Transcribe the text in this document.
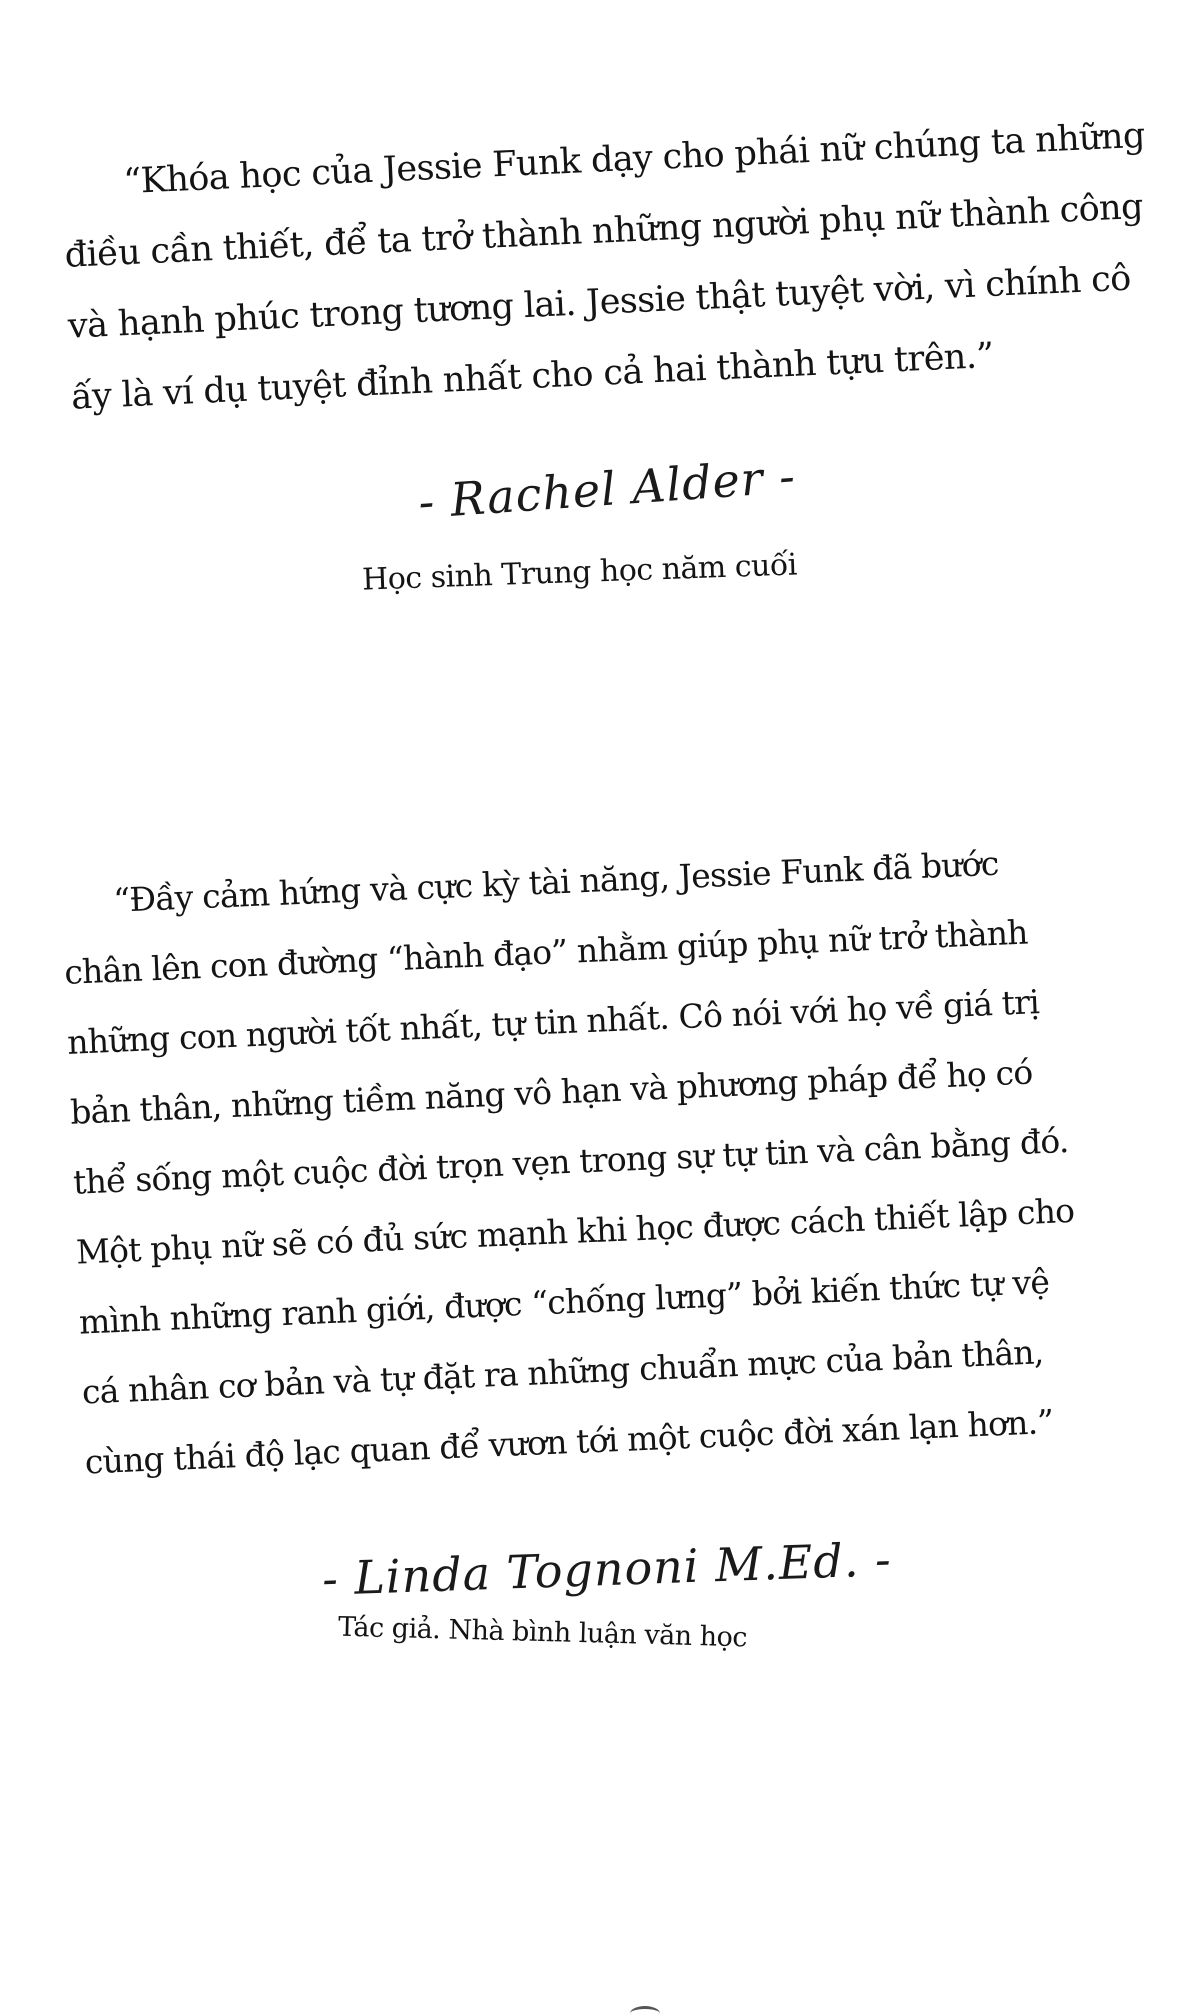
“Khóa học của Jessie Funk dạy cho phái nữ chúng ta những
điều cần thiết, để ta trở thành những người phụ nữ thành công
và hạnh phúc trong tương lai. Jessie thật tuyệt vời, vì chính cô
ấy là ví dụ tuyệt đỉnh nhất cho cả hai thành tựu trên.”
- Rachel Alder -
Học sinh Trung học năm cuối
“Đầy cảm hứng và cực kỳ tài năng, Jessie Funk đã bước
chân lên con đường “hành đạo” nhằm giúp phụ nữ trở thành
những con người tốt nhất, tự tin nhất. Cô nói với họ về giá trị
bản thân, những tiềm năng vô hạn và phương pháp để họ có
thể sống một cuộc đời trọn vẹn trong sự tự tin và cân bằng đó.
Một phụ nữ sẽ có đủ sức mạnh khi học được cách thiết lập cho
mình những ranh giới, được “chống lưng” bởi kiến thức tự vệ
cá nhân cơ bản và tự đặt ra những chuẩn mực của bản thân,
cùng thái độ lạc quan để vươn tới một cuộc đời xán lạn hơn.”
- Linda Tognoni M.Ed. -
Tác giả. Nhà bình luận văn học
